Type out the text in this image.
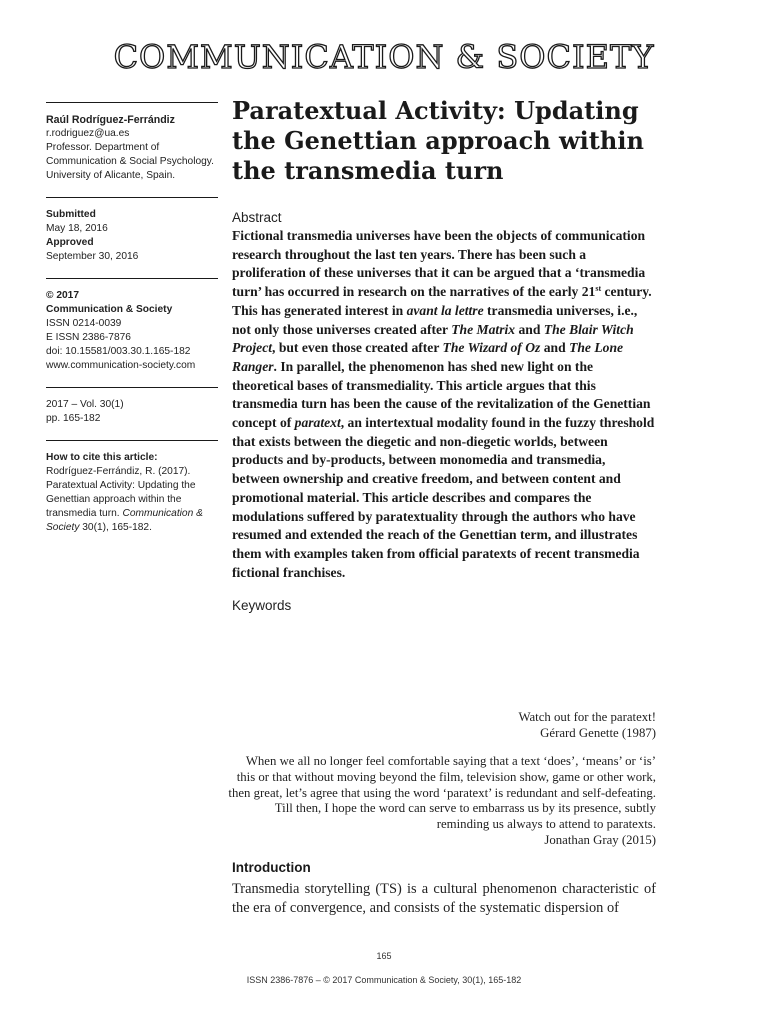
COMMUNICATION & SOCIETY
Raúl Rodríguez-Ferrándiz
r.rodriguez@ua.es
Professor. Department of Communication & Social Psychology. University of Alicante, Spain.
Submitted
May 18, 2016
Approved
September 30, 2016
© 2017
Communication & Society
ISSN 0214-0039
E ISSN 2386-7876
doi: 10.15581/003.30.1.165-182
www.communication-society.com
2017 – Vol. 30(1)
pp. 165-182
How to cite this article:
Rodríguez-Ferrándiz, R. (2017). Paratextual Activity: Updating the Genettian approach within the transmedia turn. Communication & Society 30(1), 165-182.
Paratextual Activity: Updating the Genettian approach within the transmedia turn
Abstract
Fictional transmedia universes have been the objects of communication research throughout the last ten years. There has been such a proliferation of these universes that it can be argued that a ‘transmedia turn’ has occurred in research on the narratives of the early 21st century. This has generated interest in avant la lettre transmedia universes, i.e., not only those universes created after The Matrix and The Blair Witch Project, but even those created after The Wizard of Oz and The Lone Ranger. In parallel, the phenomenon has shed new light on the theoretical bases of transmediality. This article argues that this transmedia turn has been the cause of the revitalization of the Genettian concept of paratext, an intertextual modality found in the fuzzy threshold that exists between the diegetic and non-diegetic worlds, between products and by-products, between monomedia and transmedia, between ownership and creative freedom, and between content and promotional material. This article describes and compares the modulations suffered by paratextuality through the authors who have resumed and extended the reach of the Genettian term, and illustrates them with examples taken from official paratexts of recent transmedia fictional franchises.
Keywords
Watch out for the paratext!
Gérard Genette (1987)
When we all no longer feel comfortable saying that a text ‘does’, ‘means’ or ‘is’ this or that without moving beyond the film, television show, game or other work, then great, let’s agree that using the word ‘paratext’ is redundant and self-defeating. Till then, I hope the word can serve to embarrass us by its presence, subtly reminding us always to attend to paratexts.
Jonathan Gray (2015)
Introduction
Transmedia storytelling (TS) is a cultural phenomenon characteristic of the era of convergence, and consists of the systematic dispersion of
165
ISSN 2386-7876 – © 2017 Communication & Society, 30(1), 165-182
